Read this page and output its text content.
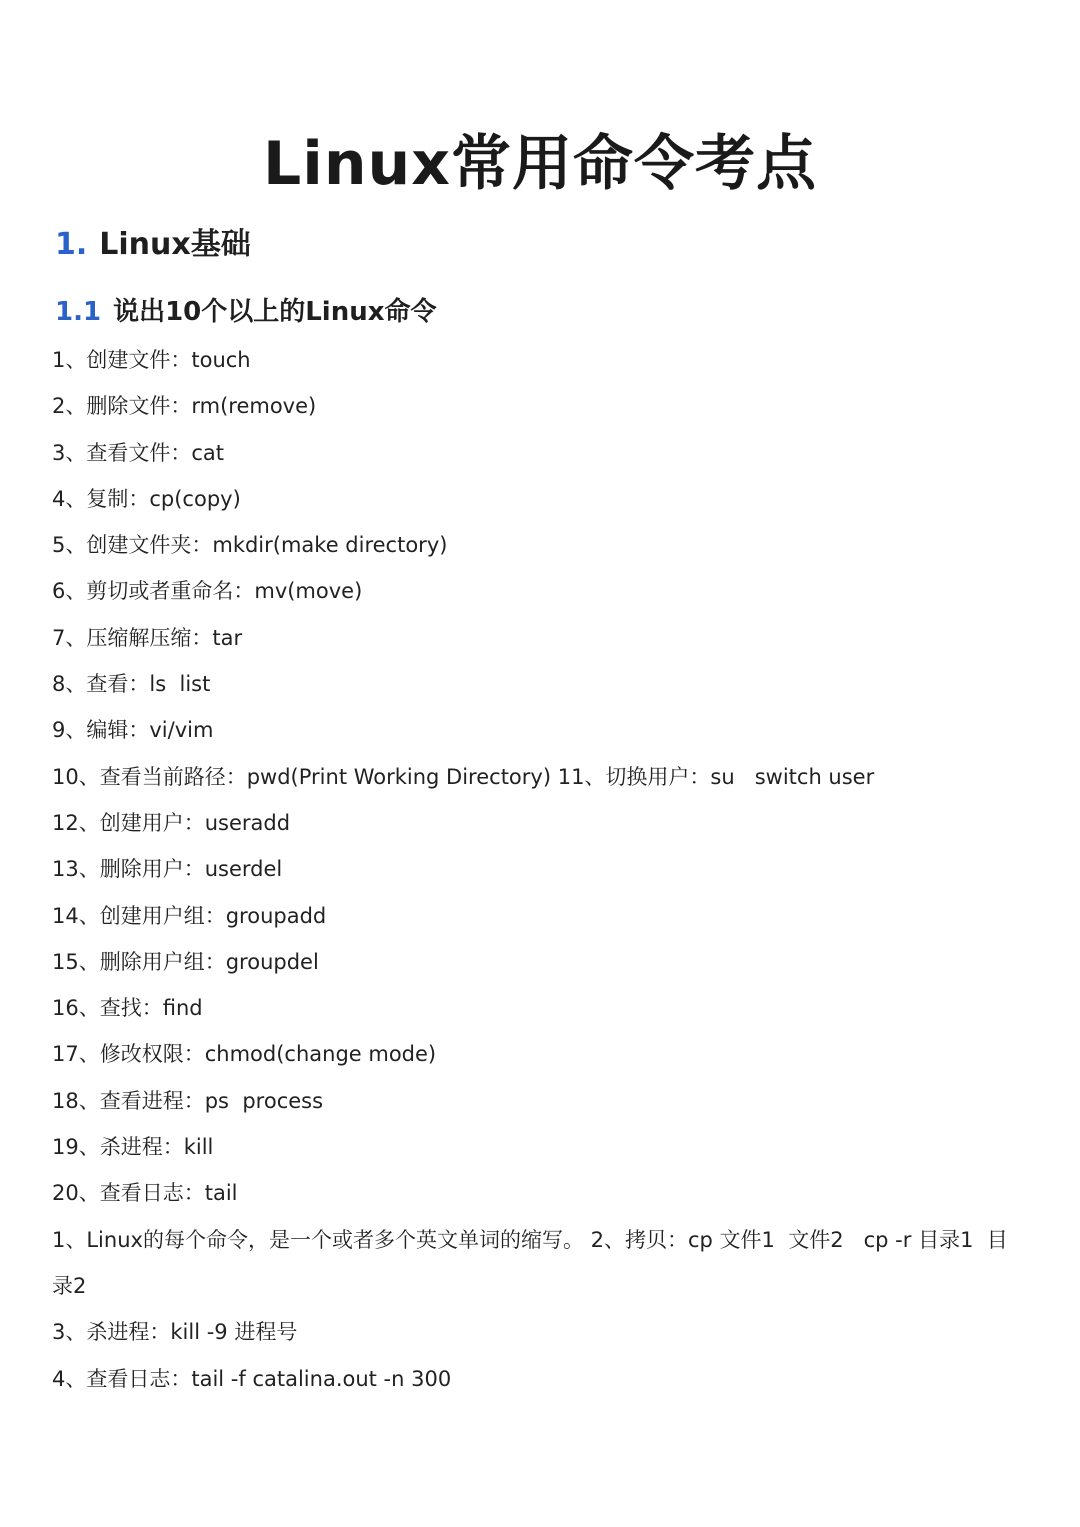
Linux常用命令考点
1. Linux基础
1.1 说出10个以上的Linux命令
1、创建文件：touch
2、删除文件：rm(remove)
3、查看文件：cat
4、复制：cp(copy)
5、创建文件夹：mkdir(make directory)
6、剪切或者重命名：mv(move)
7、压缩解压缩：tar
8、查看：ls  list
9、编辑：vi/vim
10、查看当前路径：pwd(Print Working Directory) 11、切换用户：su   switch user
12、创建用户：useradd
13、删除用户：userdel
14、创建用户组：groupadd
15、删除用户组：groupdel
16、查找：find
17、修改权限：chmod(change mode)
18、查看进程：ps  process
19、杀进程：kill
20、查看日志：tail
1、Linux的每个命令，是一个或者多个英文单词的缩写。 2、拷贝：cp 文件1  文件2   cp -r 目录1  目录2
3、杀进程：kill -9 进程号
4、查看日志：tail -f catalina.out -n 300
